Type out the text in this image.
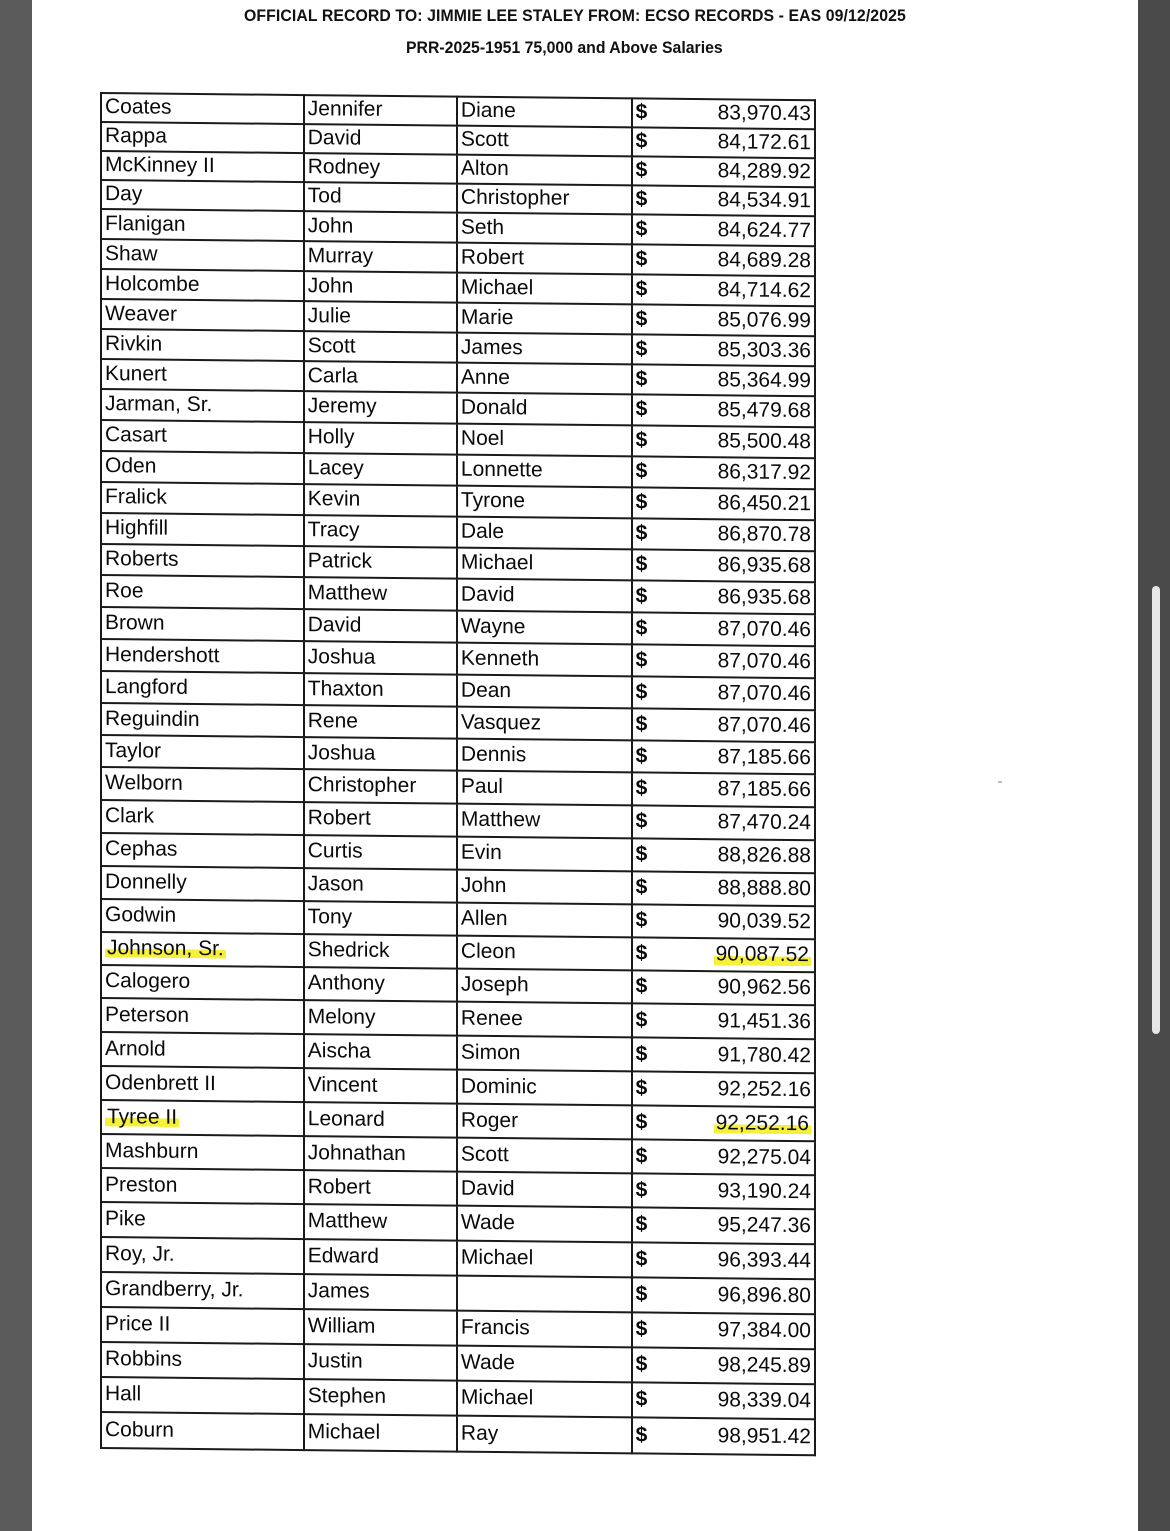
OFFICIAL RECORD TO: JIMMIE LEE STALEY FROM: ECSO RECORDS - EAS 09/12/2025
PRR-2025-1951 75,000 and Above Salaries
Coates	Jennifer	Diane	$ 83,970.43

Rappa	David	Scott	$ 84,172.61

McKinney II	Rodney	Alton	$ 84,289.92

Day	Tod	Christopher	$ 84,534.91

Flanigan	John	Seth	$ 84,624.77

Shaw	Murray	Robert	$ 84,689.28

Holcombe	John	Michael	$ 84,714.62

Weaver	Julie	Marie	$ 85,076.99

Rivkin	Scott	James	$ 85,303.36

Kunert	Carla	Anne	$ 85,364.99

Jarman, Sr.	Jeremy	Donald	$ 85,479.68

Casart	Holly	Noel	$ 85,500.48

Oden	Lacey	Lonnette	$ 86,317.92

Fralick	Kevin	Tyrone	$ 86,450.21

Highfill	Tracy	Dale	$ 86,870.78

Roberts	Patrick	Michael	$ 86,935.68

Roe	Matthew	David	$ 86,935.68

Brown	David	Wayne	$ 87,070.46

Hendershott	Joshua	Kenneth	$ 87,070.46

Langford	Thaxton	Dean	$ 87,070.46

Reguindin	Rene	Vasquez	$ 87,070.46

Taylor	Joshua	Dennis	$ 87,185.66

Welborn	Christopher	Paul	$ 87,185.66

Clark	Robert	Matthew	$ 87,470.24

Cephas	Curtis	Evin	$ 88,826.88

Donnelly	Jason	John	$ 88,888.80

Godwin	Tony	Allen	$ 90,039.52

Johnson, Sr.	Shedrick	Cleon	$ 90,087.52

Calogero	Anthony	Joseph	$ 90,962.56

Peterson	Melony	Renee	$ 91,451.36

Arnold	Aischa	Simon	$ 91,780.42

Odenbrett II	Vincent	Dominic	$ 92,252.16

Tyree II	Leonard	Roger	$ 92,252.16

Mashburn	Johnathan	Scott	$ 92,275.04

Preston	Robert	David	$ 93,190.24

Pike	Matthew	Wade	$ 95,247.36

Roy, Jr.	Edward	Michael	$ 96,393.44

Grandberry, Jr.	James		$ 96,896.80

Price II	William	Francis	$ 97,384.00

Robbins	Justin	Wade	$ 98,245.89

Hall	Stephen	Michael	$ 98,339.04

Coburn	Michael	Ray	$ 98,951.42
